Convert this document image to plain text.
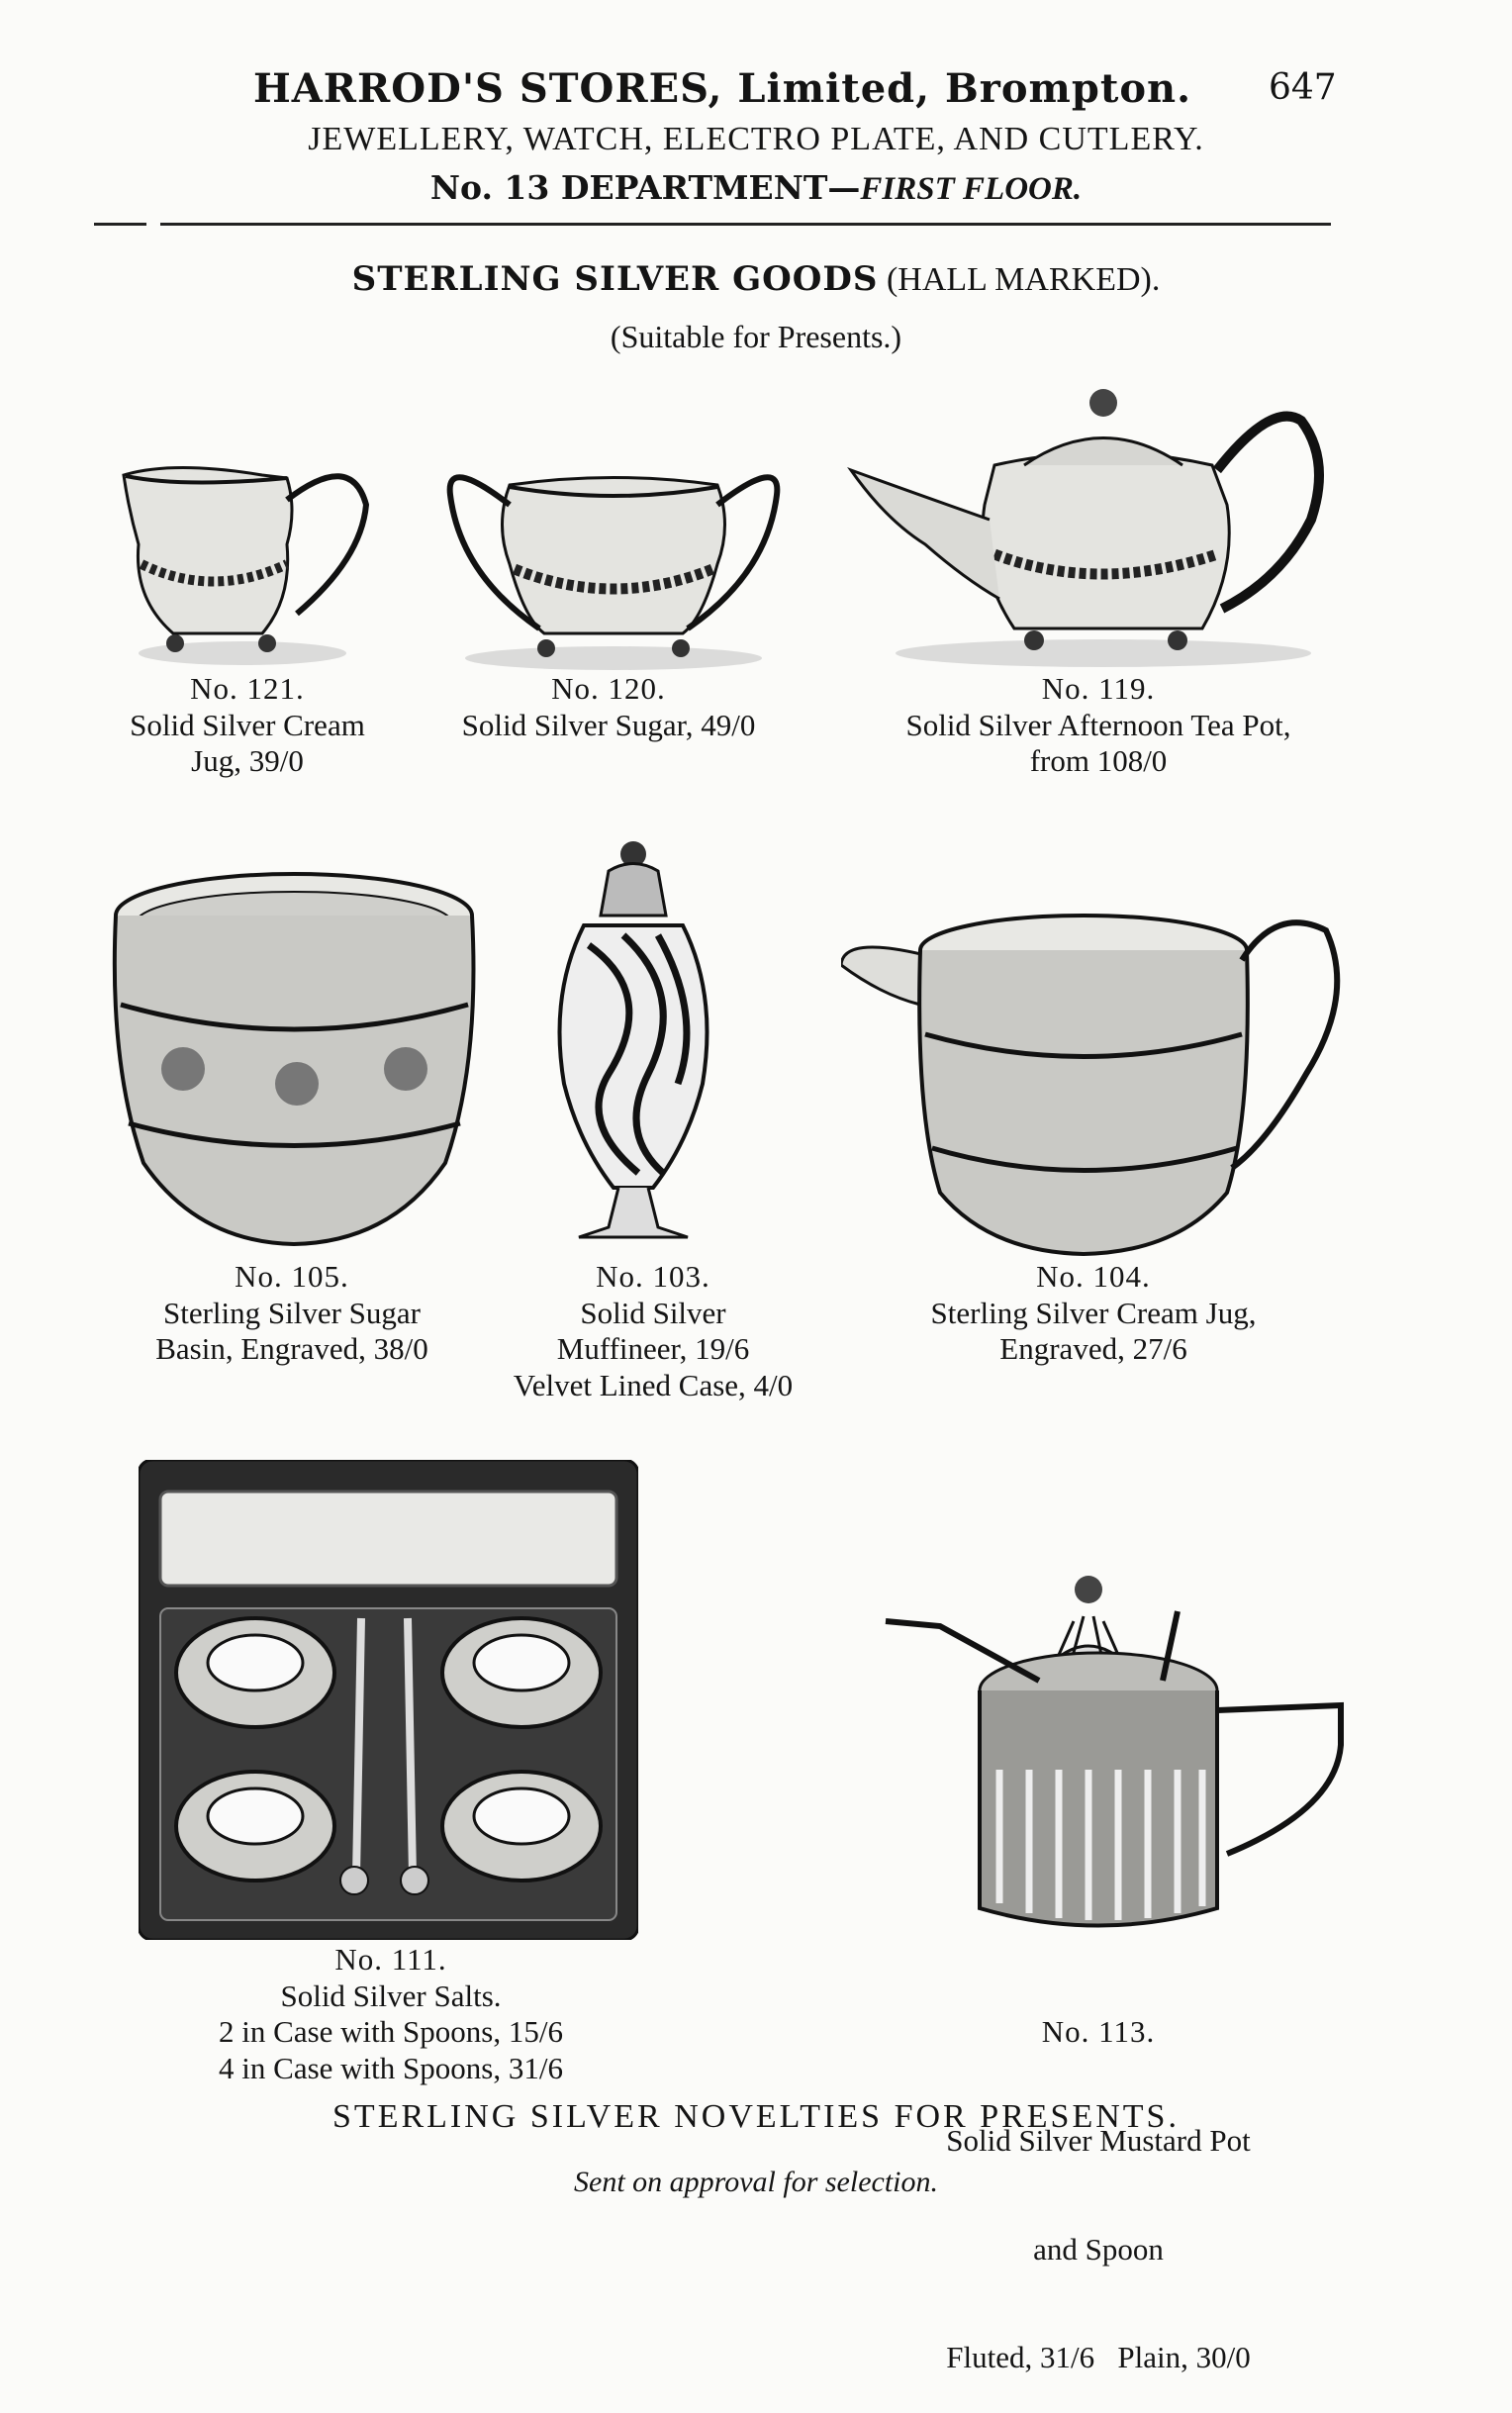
HARROD'S STORES, Limited, Brompton.	647
JEWELLERY, WATCH, ELECTRO PLATE, AND CUTLERY.
No. 13 DEPARTMENT—FIRST FLOOR.
STERLING SILVER GOODS (HALL MARKED).
(Suitable for Presents.)
No. 121.
Solid Silver Cream
Jug, 39/0
No. 120.
Solid Silver Sugar, 49/0
No. 119.
Solid Silver Afternoon Tea Pot,
from 108/0
No. 105.
Sterling Silver Sugar
Basin, Engraved, 38/0
No. 103.
Solid Silver
Muffineer, 19/6
Velvet Lined Case, 4/0
No. 104.
Sterling Silver Cream Jug,
Engraved, 27/6
No. 111.
Solid Silver Salts.
2 in Case with Spoons, 15/6
4 in Case with Spoons, 31/6

No. 113.

Solid Silver Mustard Pot

and Spoon

Fluted, 31/6   Plain, 30/0

STERLING SILVER NOVELTIES FOR PRESENTS.
Sent on approval for selection.
